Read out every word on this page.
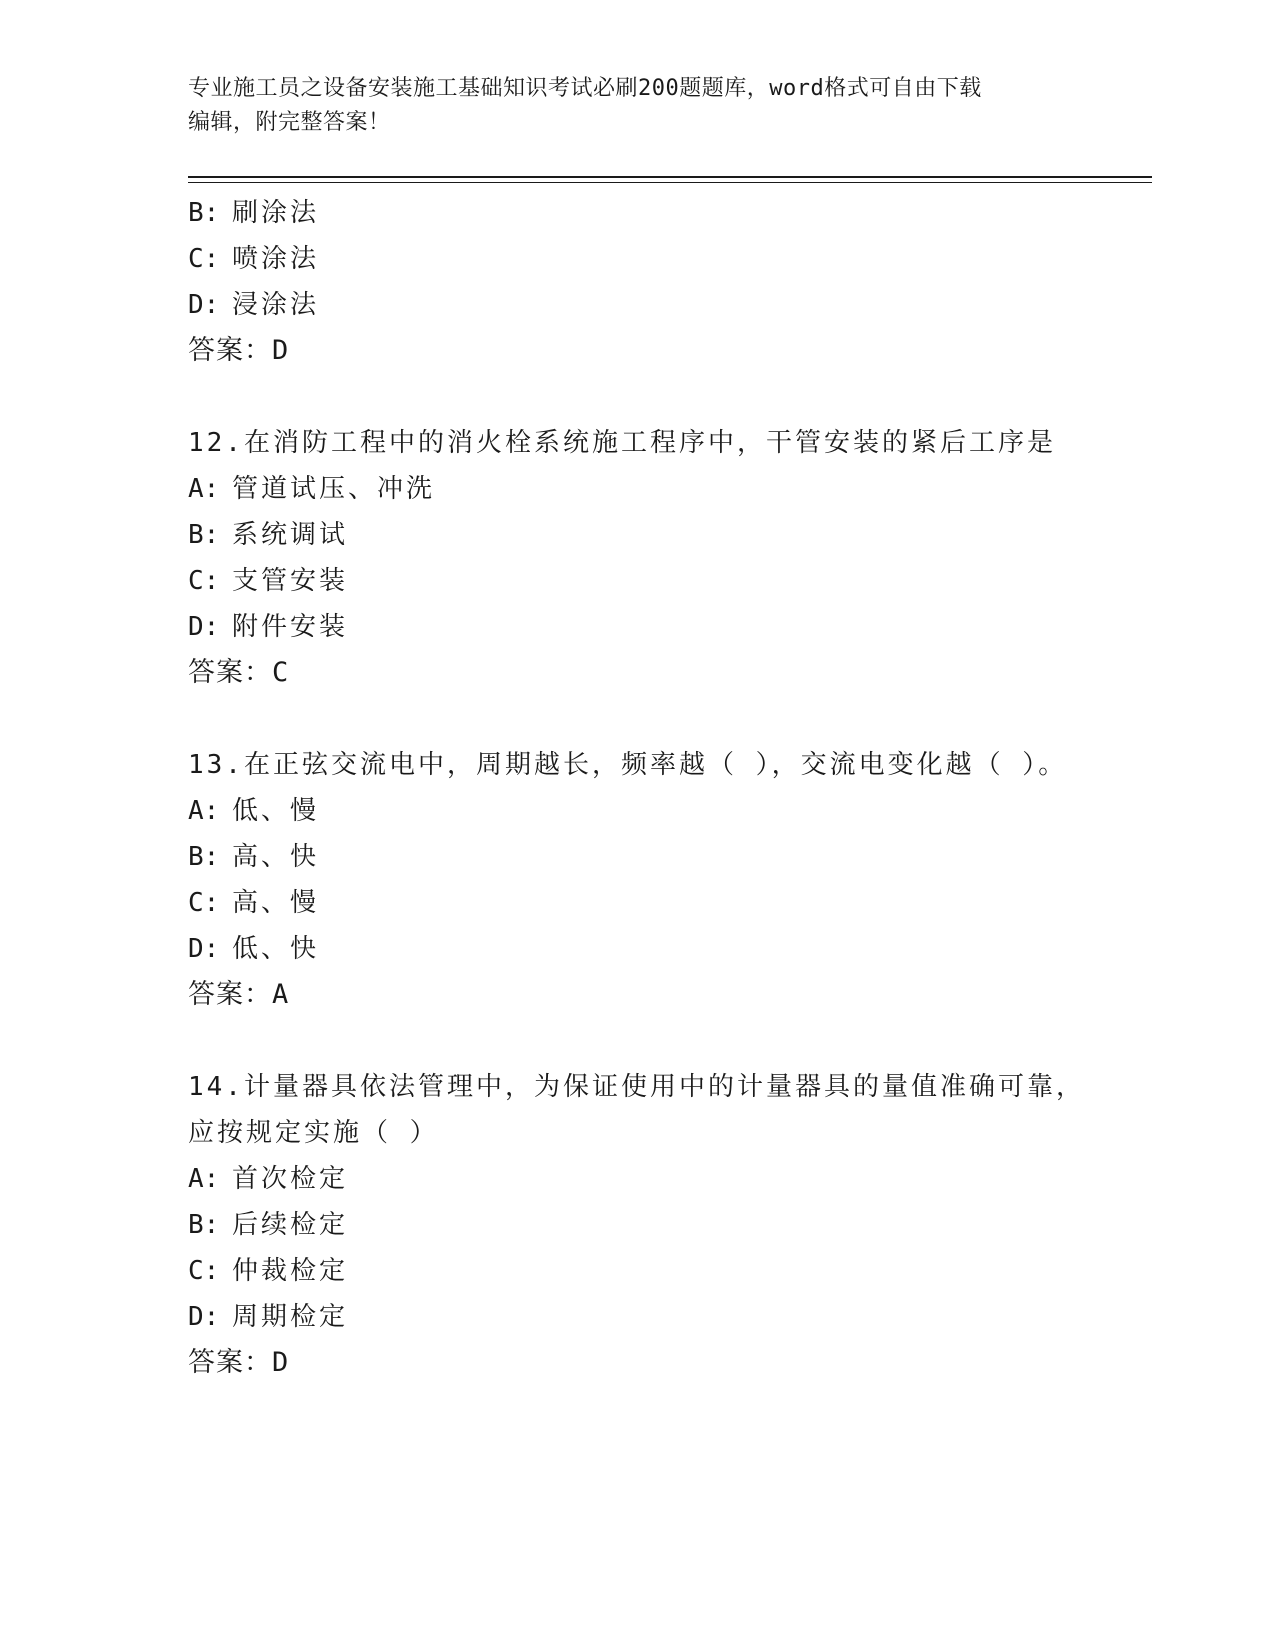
专业施工员之设备安装施工基础知识考试必刷200题题库，word格式可自由下载
编辑，附完整答案！
B: 刷涂法
C: 喷涂法
D: 浸涂法
答案：D
12.在消防工程中的消火栓系统施工程序中，干管安装的紧后工序是
A: 管道试压、冲洗
B: 系统调试
C: 支管安装
D: 附件安装
答案：C
13.在正弦交流电中，周期越长，频率越（ ），交流电变化越（ ）。
A: 低、慢
B: 高、快
C: 高、慢
D: 低、快
答案：A
14.计量器具依法管理中，为保证使用中的计量器具的量值准确可靠，
应按规定实施（ ）
A: 首次检定
B: 后续检定
C: 仲裁检定
D: 周期检定
答案：D
